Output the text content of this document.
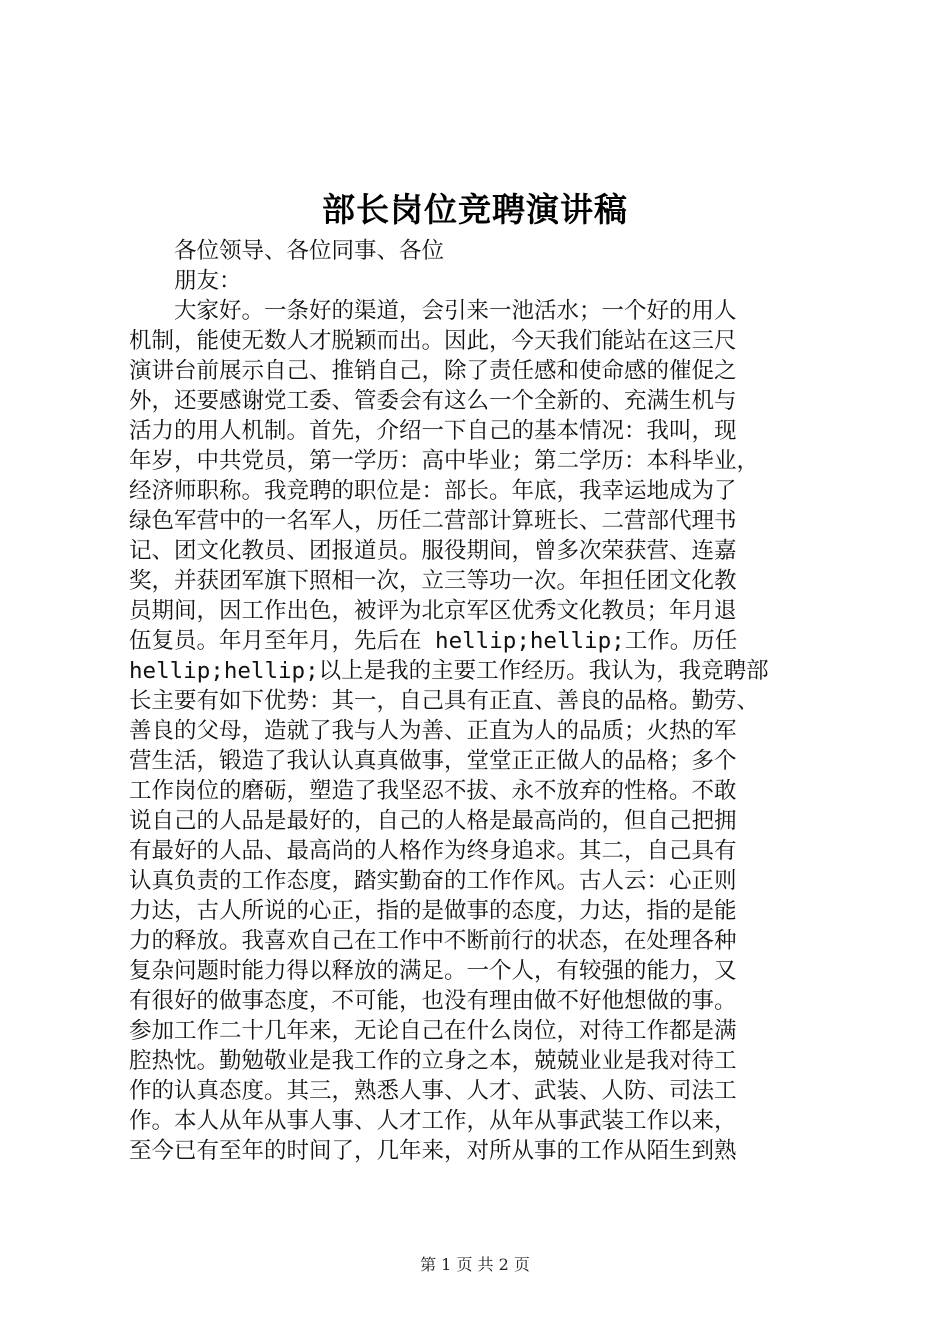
部长岗位竞聘演讲稿
　　各位领导、各位同事、各位
　　朋友：
　　大家好。一条好的渠道，会引来一池活水；一个好的用人
机制，能使无数人才脱颖而出。因此，今天我们能站在这三尺
演讲台前展示自己、推销自己，除了责任感和使命感的催促之
外，还要感谢党工委、管委会有这么一个全新的、充满生机与
活力的用人机制。首先，介绍一下自己的基本情况：我叫，现
年岁，中共党员，第一学历：高中毕业；第二学历：本科毕业，
经济师职称。我竞聘的职位是：部长。年底，我幸运地成为了
绿色军营中的一名军人，历任二营部计算班长、二营部代理书
记、团文化教员、团报道员。服役期间，曾多次荣获营、连嘉
奖，并获团军旗下照相一次，立三等功一次。年担任团文化教
员期间，因工作出色，被评为北京军区优秀文化教员；年月退
伍复员。年月至年月，先后在 hellip;hellip;工作。历任
hellip;hellip;以上是我的主要工作经历。我认为，我竞聘部
长主要有如下优势：其一，自己具有正直、善良的品格。勤劳、
善良的父母，造就了我与人为善、正直为人的品质；火热的军
营生活，锻造了我认认真真做事，堂堂正正做人的品格；多个
工作岗位的磨砺，塑造了我坚忍不拔、永不放弃的性格。不敢
说自己的人品是最好的，自己的人格是最高尚的，但自己把拥
有最好的人品、最高尚的人格作为终身追求。其二，自己具有
认真负责的工作态度，踏实勤奋的工作作风。古人云：心正则
力达，古人所说的心正，指的是做事的态度，力达，指的是能
力的释放。我喜欢自己在工作中不断前行的状态，在处理各种
复杂问题时能力得以释放的满足。一个人，有较强的能力，又
有很好的做事态度，不可能，也没有理由做不好他想做的事。
参加工作二十几年来，无论自己在什么岗位，对待工作都是满
腔热忱。勤勉敬业是我工作的立身之本，兢兢业业是我对待工
作的认真态度。其三，熟悉人事、人才、武装、人防、司法工
作。本人从年从事人事、人才工作，从年从事武装工作以来，
至今已有至年的时间了，几年来，对所从事的工作从陌生到熟
第 1 页 共 2 页
